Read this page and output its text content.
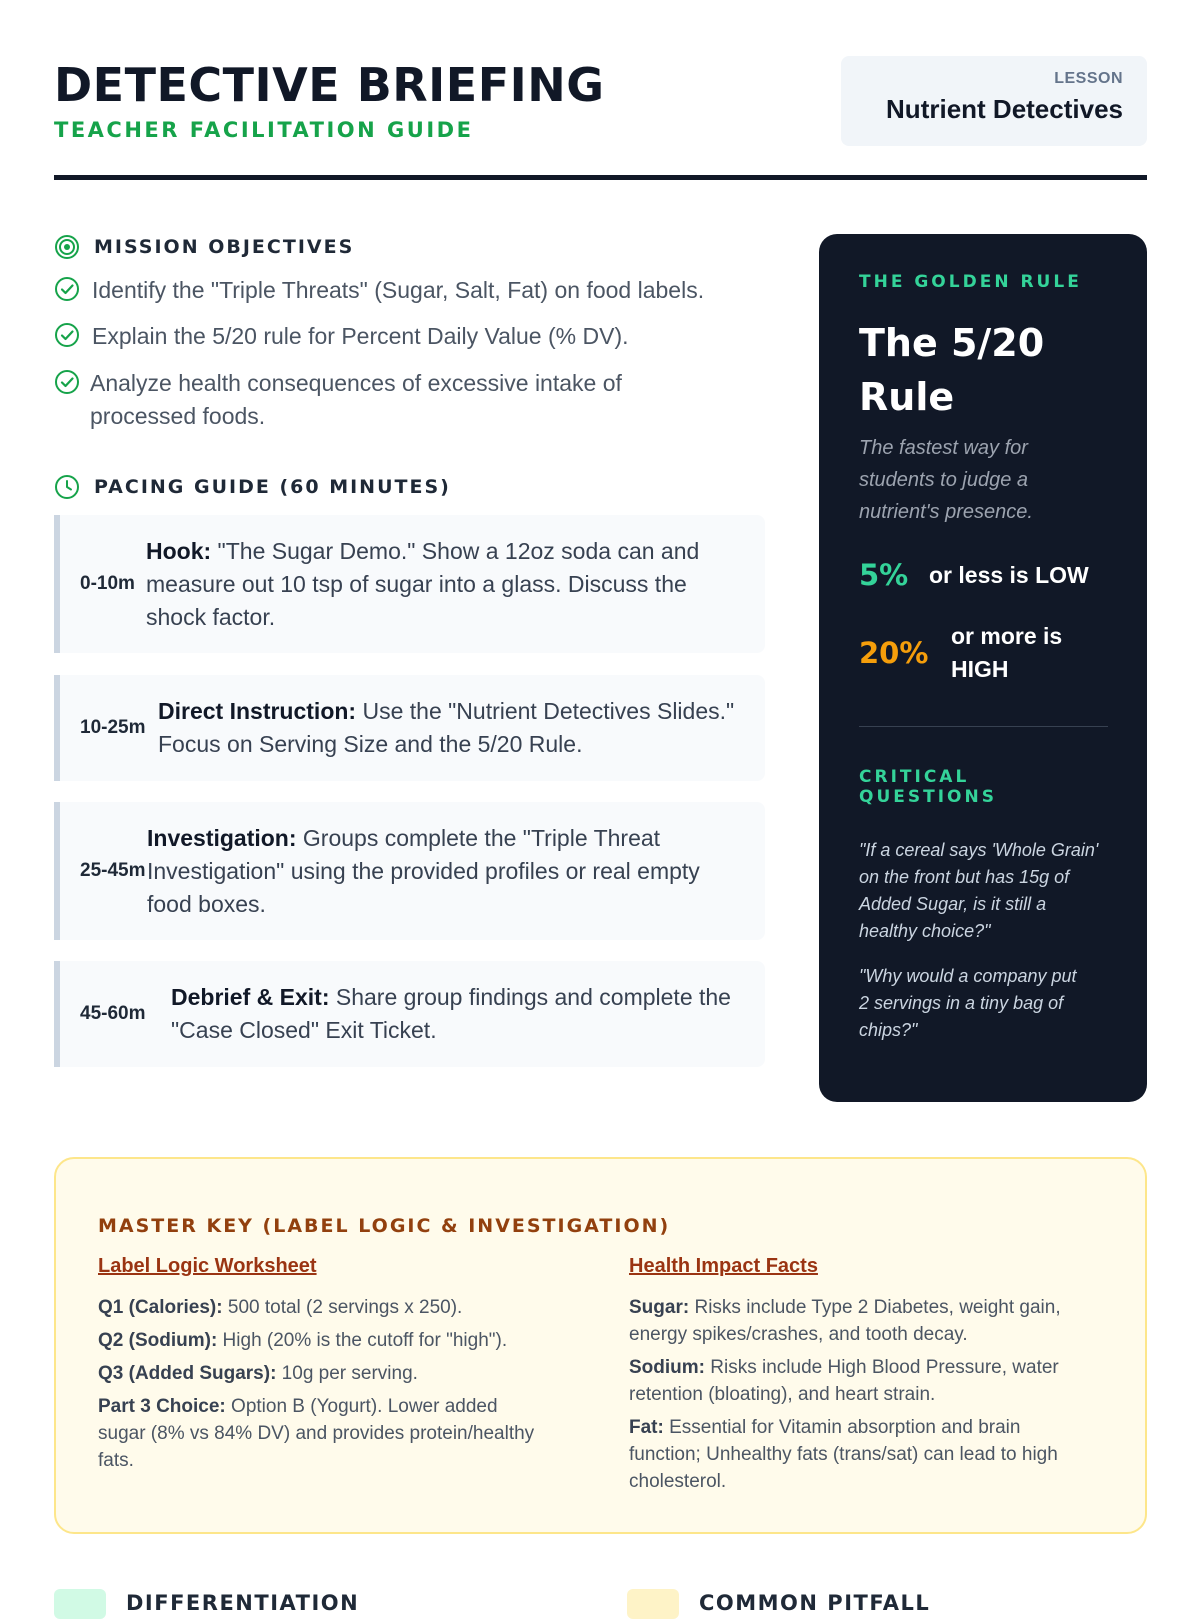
DETECTIVE BRIEFING
TEACHER FACILITATION GUIDE
LESSON
Nutrient Detectives
MISSION OBJECTIVES
Identify the "Triple Threats" (Sugar, Salt, Fat) on food labels.
Explain the 5/20 rule for Percent Daily Value (% DV).
Analyze health consequences of excessive intake of processed foods.
PACING GUIDE (60 MINUTES)
0-10m
Hook: "The Sugar Demo." Show a 12oz soda can and measure out 10 tsp of sugar into a glass. Discuss the shock factor.
10-25m
Direct Instruction: Use the "Nutrient Detectives Slides." Focus on Serving Size and the 5/20 Rule.
25-45m
Investigation: Groups complete the "Triple Threat Investigation" using the provided profiles or real empty food boxes.
45-60m
Debrief & Exit: Share group findings and complete the "Case Closed" Exit Ticket.
THE GOLDEN RULE
The 5/20 Rule
The fastest way for students to judge a nutrient's presence.
5% or less is LOW
20% or more is HIGH
CRITICAL QUESTIONS
"If a cereal says 'Whole Grain' on the front but has 15g of Added Sugar, is it still a healthy choice?"
"Why would a company put 2 servings in a tiny bag of chips?"
MASTER KEY (LABEL LOGIC & INVESTIGATION)
Label Logic Worksheet
Q1 (Calories): 500 total (2 servings x 250).
Q2 (Sodium): High (20% is the cutoff for "high").
Q3 (Added Sugars): 10g per serving.
Part 3 Choice: Option B (Yogurt). Lower added sugar (8% vs 84% DV) and provides protein/healthy fats.
Health Impact Facts
Sugar: Risks include Type 2 Diabetes, weight gain, energy spikes/crashes, and tooth decay.
Sodium: Risks include High Blood Pressure, water retention (bloating), and heart strain.
Fat: Essential for Vitamin absorption and brain function; Unhealthy fats (trans/sat) can lead to high cholesterol.
DIFFERENTIATION	COMMON PITFALL
